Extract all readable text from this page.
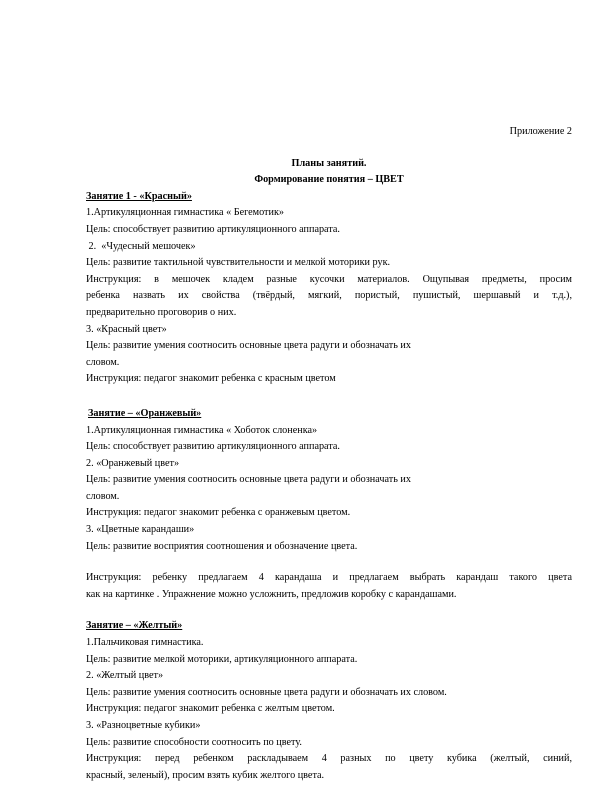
Приложение 2
Планы занятий.
Формирование понятия – ЦВЕТ
Занятие 1 - «Красный»
1.Артикуляционная гимнастика « Бегемотик»
Цель: способствует развитию артикуляционного аппарата.
2.  «Чудесный мешочек»
Цель: развитие тактильной чувствительности и мелкой моторики рук.
Инструкция: в мешочек кладем разные кусочки материалов. Ощупывая предметы, просим
ребенка назвать их свойства (твёрдый, мягкий, пористый, пушистый, шершавый и т.д.),
предварительно проговорив о них.
3. «Красный цвет»
Цель: развитие умения соотносить основные цвета радуги и обозначать их
словом.
Инструкция: педагог знакомит ребенка с красным цветом
Занятие – «Оранжевый»
1.Артикуляционная гимнастика « Хоботок слоненка»
Цель: способствует развитию артикуляционного аппарата.
2. «Оранжевый цвет»
Цель: развитие умения соотносить основные цвета радуги и обозначать их
словом.
Инструкция: педагог знакомит ребенка с оранжевым цветом.
3. «Цветные карандаши»
Цель: развитие восприятия соотношения и обозначение цвета.
Инструкция: ребенку предлагаем 4 карандаша и предлагаем выбрать карандаш такого цвета
как на картинке . Упражнение можно усложнить, предложив коробку с карандашами.
Занятие – «Желтый»
1.Пальчиковая гимнастика.
Цель: развитие мелкой моторики, артикуляционного аппарата.
2. «Желтый цвет»
Цель: развитие умения соотносить основные цвета радуги и обозначать их словом.
Инструкция: педагог знакомит ребенка с желтым цветом.
3. «Разноцветные кубики»
Цель: развитие способности соотносить по цвету.
Инструкция: перед ребенком раскладываем 4 разных по цвету кубика (желтый, синий,
красный, зеленый), просим взять кубик желтого цвета.
